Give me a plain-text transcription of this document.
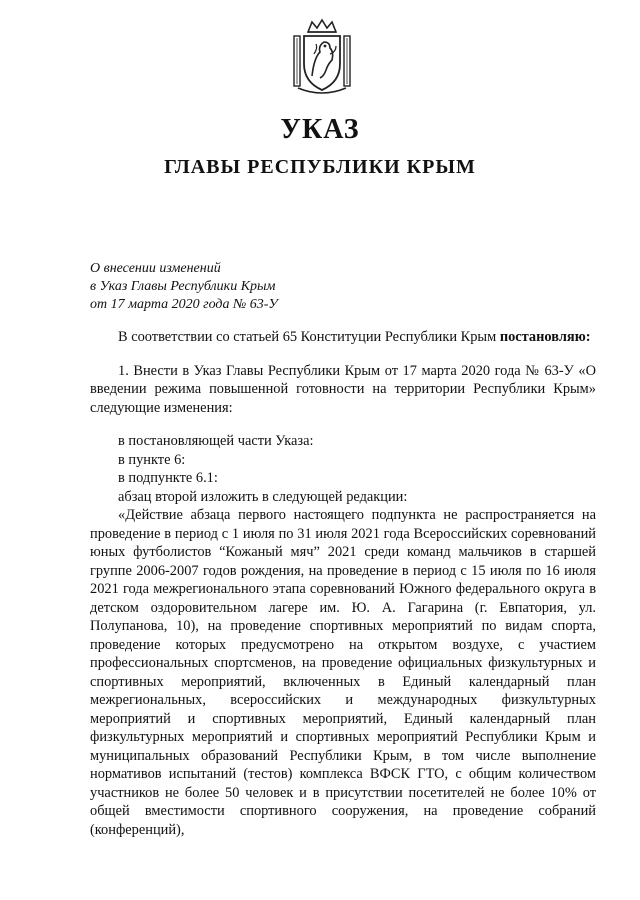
УКАЗ
ГЛАВЫ РЕСПУБЛИКИ КРЫМ
О внесении изменений
в Указ Главы Республики Крым
от 17 марта 2020 года № 63-У

В соответствии со статьей 65 Конституции Республики Крым постановляю:

1. Внести в Указ Главы Республики Крым от 17 марта 2020 года № 63-У «О введении режима повышенной готовности на территории Республики Крым» следующие изменения:

в постановляющей части Указа:

в пункте 6:

в подпункте 6.1:

абзац второй изложить в следующей редакции:

«Действие абзаца первого настоящего подпункта не распространяется на проведение в период с 1 июля по 31 июля 2021 года Всероссийских соревнований юных футболистов “Кожаный мяч” 2021 среди команд мальчиков в старшей группе 2006-2007 годов рождения, на проведение в период с 15 июля по 16 июля 2021 года межрегионального этапа соревнований Южного федерального округа в детском оздоровительном лагере им. Ю. А. Гагарина (г. Евпатория, ул. Полупанова, 10), на проведение спортивных мероприятий по видам спорта, проведение которых предусмотрено на открытом воздухе, с участием профессиональных спортсменов, на проведение официальных физкультурных и спортивных мероприятий, включенных в Единый календарный план межрегиональных, всероссийских и международных физкультурных мероприятий и спортивных мероприятий, Единый календарный план физкультурных мероприятий и спортивных мероприятий Республики Крым и муниципальных образований Республики Крым, в том числе выполнение нормативов испытаний (тестов) комплекса ВФСК ГТО, с общим количеством участников не более 50 человек и в присутствии посетителей не более 10% от общей вместимости спортивного сооружения, на проведение собраний (конференций),
